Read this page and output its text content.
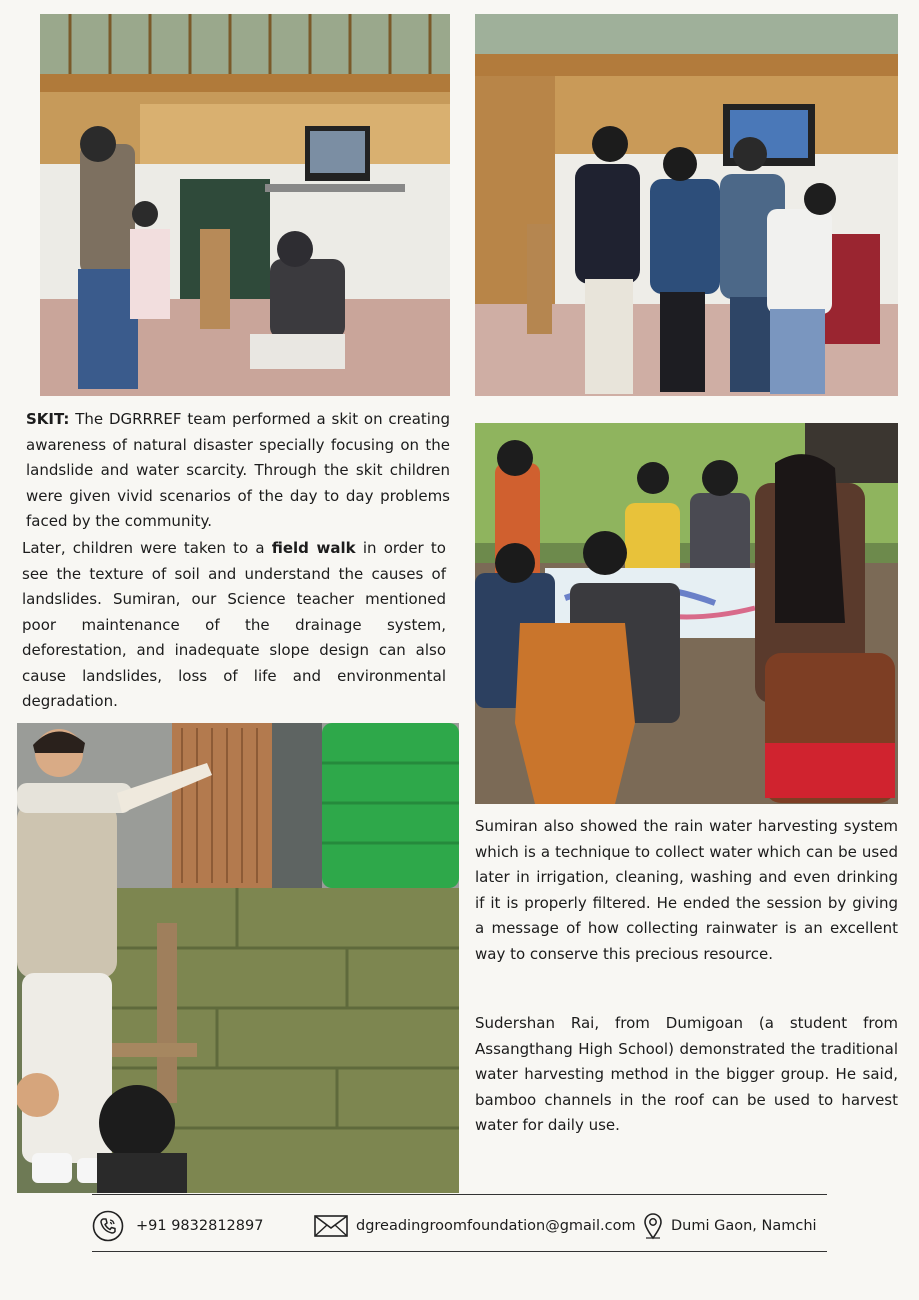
SKIT: The DGRRREF team performed a skit on creating awareness of natural disaster specially focusing on the landslide and water scarcity. Through the skit children were given vivid scenarios of the day to day problems faced by the community.

Later, children were taken to a field walk in order to see the texture of soil and understand the causes of landslides. Sumiran, our Science teacher mentioned poor maintenance of the drainage system, deforestation, and inadequate slope design can also cause landslides, loss of life and environmental degradation.

Sumiran also showed the rain water harvesting system which is a technique to collect water which can be used later in irrigation, cleaning, washing and even drinking if it is properly filtered. He ended the session by giving a message of how collecting rainwater is an excellent way to conserve this precious resource.

Sudershan Rai, from Dumigoan (a student from Assangthang High School) demonstrated the traditional water harvesting method in the bigger group. He said, bamboo channels in the roof can be used to harvest water for daily use.

+91 9832812897	dgreadingroomfoundation@gmail.com Dumi Gaon, Namchi
